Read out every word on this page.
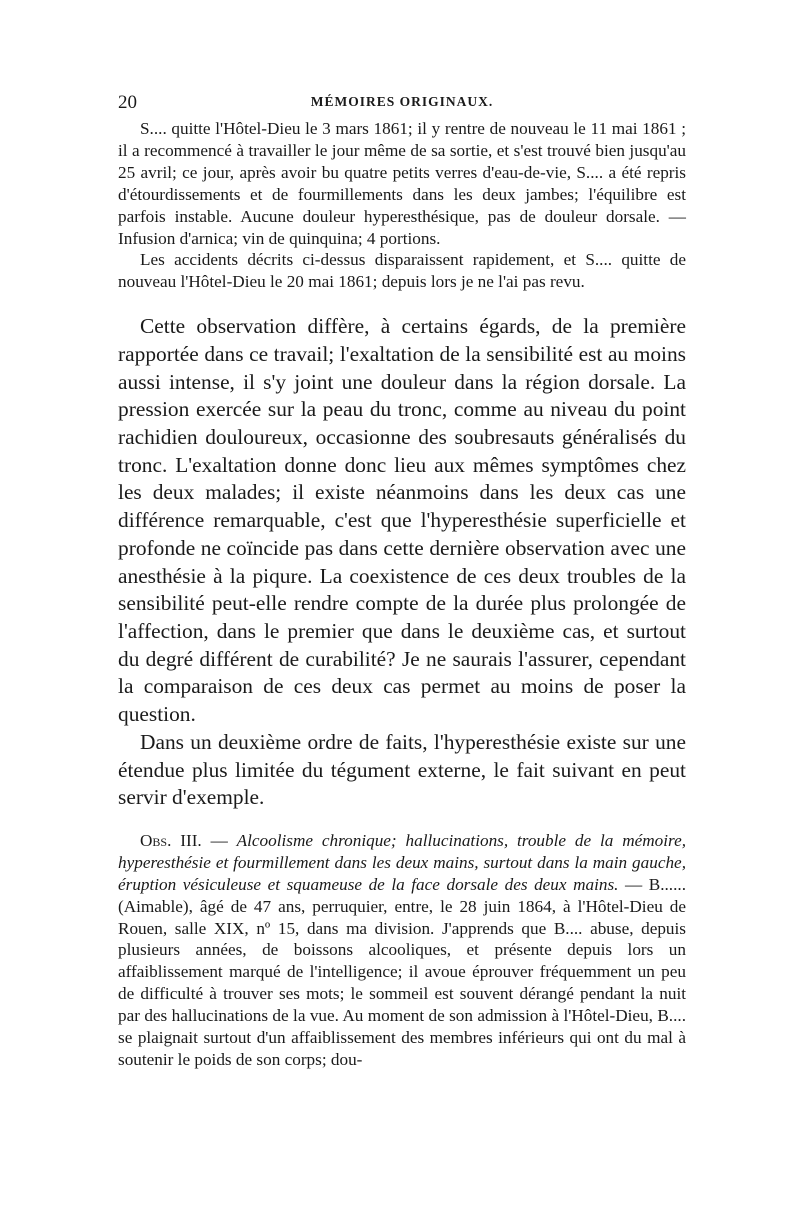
20	MÉMOIRES ORIGINAUX.

S.... quitte l'Hôtel-Dieu le 3 mars 1861; il y rentre de nouveau le 11 mai 1861 ; il a recommencé à travailler le jour même de sa sortie, et s'est trouvé bien jusqu'au 25 avril; ce jour, après avoir bu quatre petits verres d'eau-de-vie, S.... a été repris d'étourdissements et de fourmillements dans les deux jambes; l'équilibre est parfois instable. Aucune douleur hyperesthésique, pas de douleur dorsale. — Infusion d'arnica; vin de quinquina; 4 portions.

Les accidents décrits ci-dessus disparaissent rapidement, et S.... quitte de nouveau l'Hôtel-Dieu le 20 mai 1861; depuis lors je ne l'ai pas revu.

Cette observation diffère, à certains égards, de la première rapportée dans ce travail; l'exaltation de la sensibilité est au moins aussi intense, il s'y joint une douleur dans la région dorsale. La pression exercée sur la peau du tronc, comme au niveau du point rachidien douloureux, occasionne des soubresauts généralisés du tronc. L'exaltation donne donc lieu aux mêmes symptômes chez les deux malades; il existe néanmoins dans les deux cas une différence remarquable, c'est que l'hyperesthésie superficielle et profonde ne coïncide pas dans cette dernière observation avec une anesthésie à la piqure. La coexistence de ces deux troubles de la sensibilité peut-elle rendre compte de la durée plus prolongée de l'affection, dans le premier que dans le deuxième cas, et surtout du degré différent de curabilité? Je ne saurais l'assurer, cependant la comparaison de ces deux cas permet au moins de poser la question.

Dans un deuxième ordre de faits, l'hyperesthésie existe sur une étendue plus limitée du tégument externe, le fait suivant en peut servir d'exemple.

Obs. III. — Alcoolisme chronique; hallucinations, trouble de la mémoire, hyperesthésie et fourmillement dans les deux mains, surtout dans la main gauche, éruption vésiculeuse et squameuse de la face dorsale des deux mains. — B...... (Aimable), âgé de 47 ans, perruquier, entre, le 28 juin 1864, à l'Hôtel-Dieu de Rouen, salle XIX, nº 15, dans ma division. J'apprends que B.... abuse, depuis plusieurs années, de boissons alcooliques, et présente depuis lors un affaiblissement marqué de l'intelligence; il avoue éprouver fréquemment un peu de difficulté à trouver ses mots; le sommeil est souvent dérangé pendant la nuit par des hallucinations de la vue. Au moment de son admission à l'Hôtel-Dieu, B.... se plaignait surtout d'un affaiblissement des membres inférieurs qui ont du mal à soutenir le poids de son corps; dou-
